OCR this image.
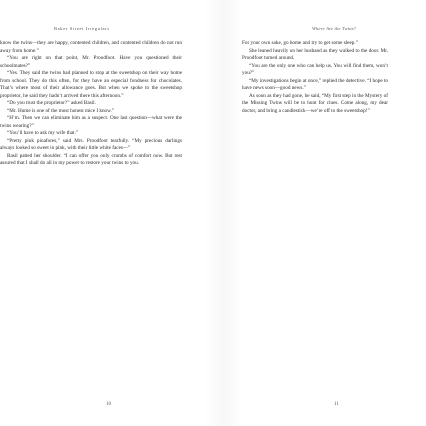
Baker Street Irregulars

know the twins—they are happy, contented children, and contented children do not run away from home.”

“You are right on that point, Mr. Proodfoot. Have you questioned their schoolmates?”

“Yes. They said the twins had planned to stop at the sweetshop on their way home from school. They do this often, for they have an especial fondness for chocolates. That’s where most of their allowance goes. But when we spoke to the sweetshop proprietor, he said they hadn’t arrived there this afternoon.”

“Do you trust the proprietor?” asked Basil.

“Mr. Hume is one of the most honest mice I know.”

“H’m. Then we can eliminate him as a suspect. One last question—what were the twins wearing?”

“You’ll have to ask my wife that.”

“Pretty pink pinafores,” said Mrs. Proodfoot tearfully. “My precious darlings always looked so sweet in pink, with their little white faces—”

Basil patted her shoulder. “I can offer you only crumbs of comfort now. But rest assured that I shall do all in my power to restore your twins to you.

10
Where Are the Twins?

For your own sake, go home and try to get some sleep.”

She leaned heavily on her husband as they walked to the door. Mr. Proodfoot turned around.

“You are the only one who can help us. You will find them, won’t you?”

“My investigations begin at once,” replied the detective. “I hope to have news soon—good news.”

As soon as they had gone, he said, “My first step in the Mystery of the Missing Twins will be to hunt for clues. Come along, my dear doctor, and bring a candlestick—we’re off to the sweetshop!”

11
